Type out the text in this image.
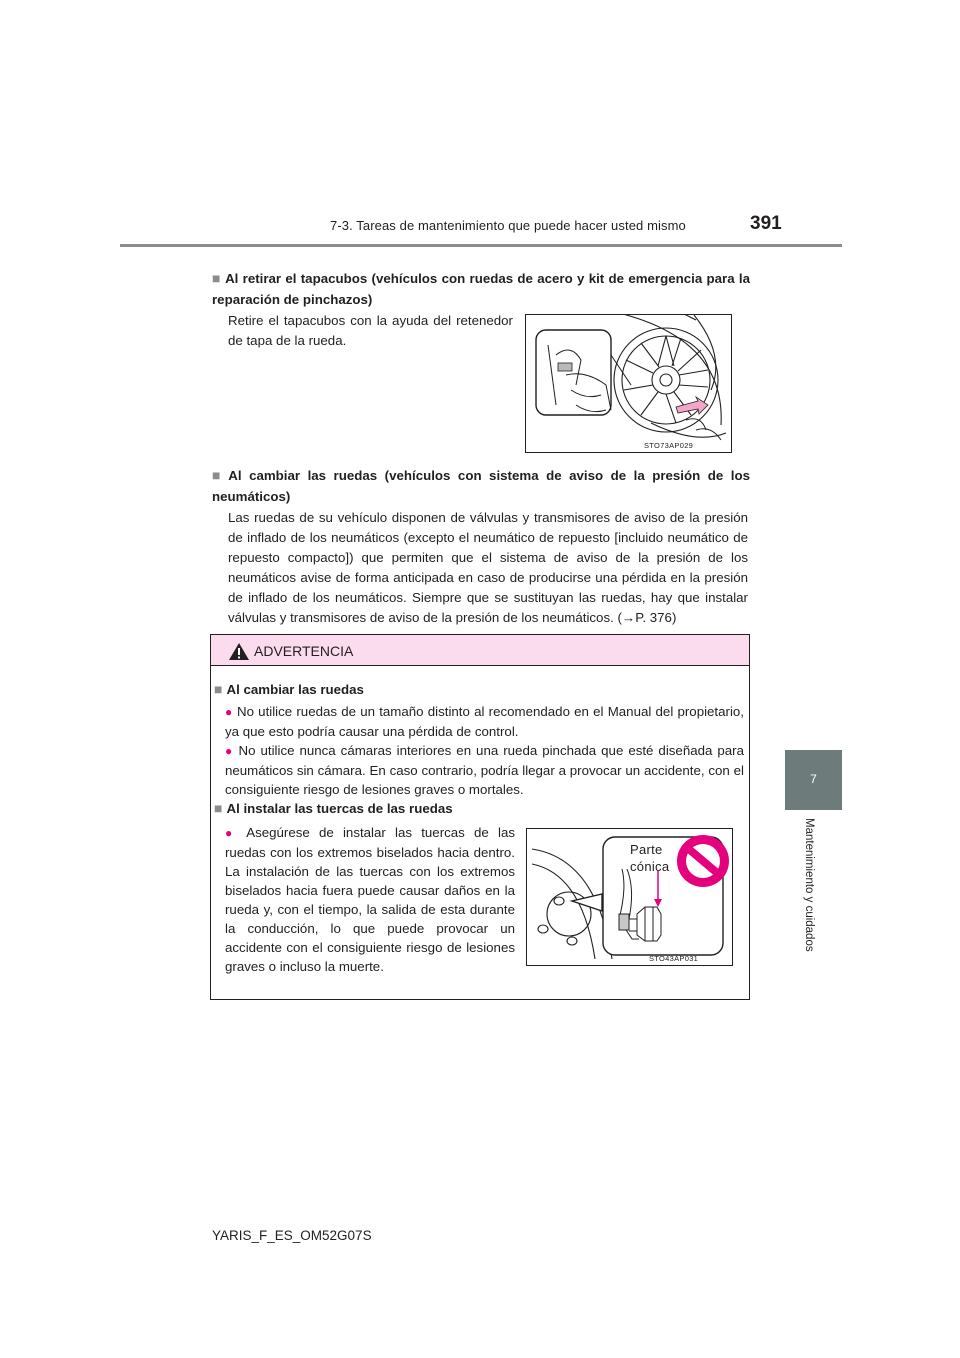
7-3. Tareas de mantenimiento que puede hacer usted mismo	391
7
Mantenimiento y cuidados
■ Al retirar el tapacubos (vehículos con ruedas de acero y kit de emergencia para la reparación de pinchazos)
Retire el tapacubos con la ayuda del retenedor de tapa de la rueda.
STO73AP029
■ Al cambiar las ruedas (vehículos con sistema de aviso de la presión de los neumáticos)
Las ruedas de su vehículo disponen de válvulas y transmisores de aviso de la presión de inflado de los neumáticos (excepto el neumático de repuesto [incluido neumático de repuesto compacto]) que permiten que el sistema de aviso de la presión de los neumáticos avise de forma anticipada en caso de producirse una pérdida en la presión de inflado de los neumáticos. Siempre que se sustituyan las ruedas, hay que instalar válvulas y transmisores de aviso de la presión de los neumáticos. (→P. 376)
ADVERTENCIA
■ Al cambiar las ruedas
● No utilice ruedas de un tamaño distinto al recomendado en el Manual del propietario, ya que esto podría causar una pérdida de control.
● No utilice nunca cámaras interiores en una rueda pinchada que esté diseñada para neumáticos sin cámara. En caso contrario, podría llegar a provocar un accidente, con el consiguiente riesgo de lesiones graves o mortales.
■ Al instalar las tuercas de las ruedas
● Asegúrese de instalar las tuercas de las ruedas con los extremos biselados hacia dentro. La instalación de las tuercas con los extremos biselados hacia fuera puede causar daños en la rueda y, con el tiempo, la salida de esta durante la conducción, lo que puede provocar un accidente con el consiguiente riesgo de lesiones graves o incluso la muerte.
Parte
cónica
STO43AP031
YARIS_F_ES_OM52G07S
